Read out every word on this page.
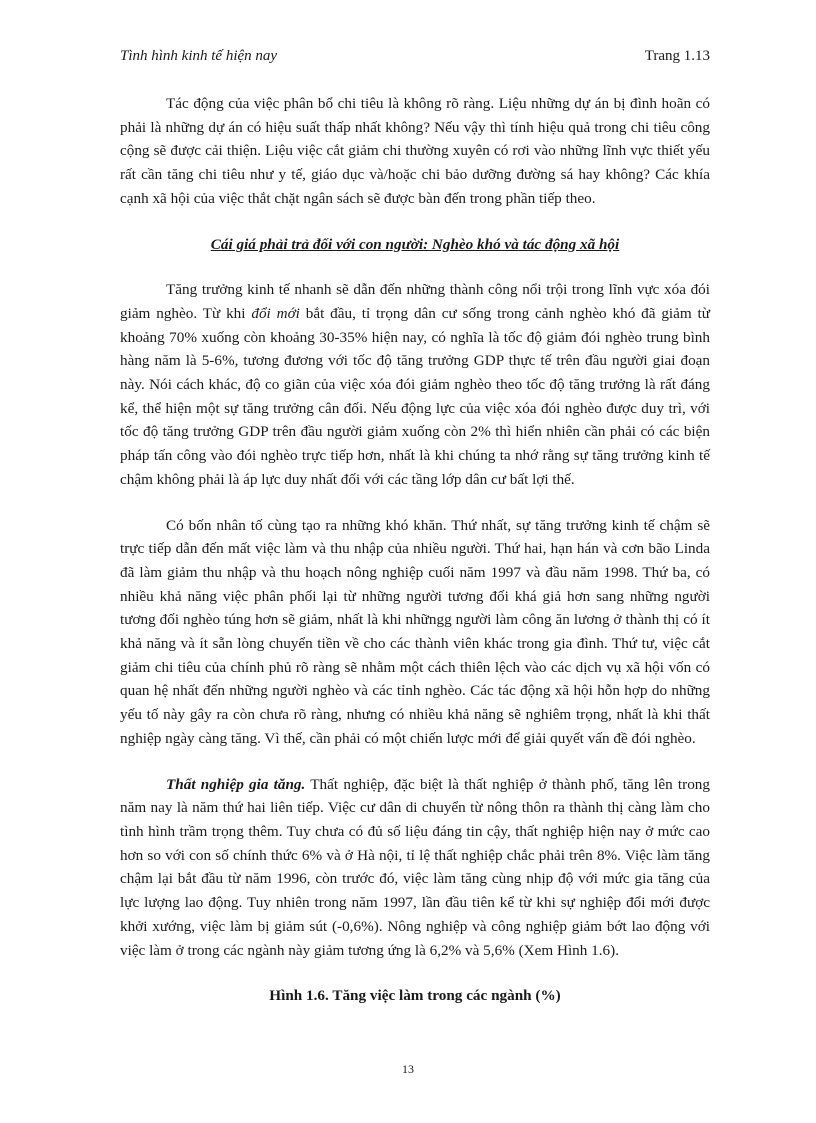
Tình hình kinh tế hiện nay	Trang 1.13

Tác động của việc phân bổ chi tiêu là không rõ ràng. Liệu những dự án bị đình hoãn có phải là những dự án có hiệu suất thấp nhất không? Nếu vậy thì tính hiệu quả trong chi tiêu công cộng sẽ được cải thiện. Liệu việc cắt giảm chi thường xuyên có rơi vào những lĩnh vực thiết yếu rất cần tăng chi tiêu như y tế, giáo dục và/hoặc chi bảo dưỡng đường sá hay không? Các khía cạnh xã hội của việc thắt chặt ngân sách sẽ được bàn đến trong phần tiếp theo.

Cái giá phải trả đối với con người: Nghèo khó và tác động xã hội

Tăng trưởng kinh tế nhanh sẽ dẫn đến những thành công nổi trội trong lĩnh vực xóa đói giảm nghèo. Từ khi đổi mới bắt đầu, tỉ trọng dân cư sống trong cảnh nghèo khó đã giảm từ khoảng 70% xuống còn khoảng 30-35% hiện nay, có nghĩa là tốc độ giảm đói nghèo trung bình hàng năm là 5-6%, tương đương với tốc độ tăng trưởng GDP thực tế trên đầu người giai đoạn này. Nói cách khác, độ co giãn của việc xóa đói giảm nghèo theo tốc độ tăng trưởng là rất đáng kể, thể hiện một sự tăng trưởng cân đối. Nếu động lực của việc xóa đói nghèo được duy trì, với tốc độ tăng trưởng GDP trên đầu người giảm xuống còn 2% thì hiển nhiên cần phải có các biện pháp tấn công vào đói nghèo trực tiếp hơn, nhất là khi chúng ta nhớ rằng sự tăng trưởng kinh tế chậm không phải là áp lực duy nhất đối với các tầng lớp dân cư bất lợi thế.

Có bốn nhân tố cùng tạo ra những khó khăn. Thứ nhất, sự tăng trưởng kinh tế chậm sẽ trực tiếp dẫn đến mất việc làm và thu nhập của nhiều người. Thứ hai, hạn hán và cơn bão Linda đã làm giảm thu nhập và thu hoạch nông nghiệp cuối năm 1997 và đầu năm 1998. Thứ ba, có nhiều khả năng việc phân phối lại từ những người tương đối khá giả hơn sang những người tương đối nghèo túng hơn sẽ giảm, nhất là khi nhữngg người làm công ăn lương ở thành thị có ít khả năng và ít sẵn lòng chuyển tiền về cho các thành viên khác trong gia đình. Thứ tư, việc cắt giảm chi tiêu của chính phủ rõ ràng sẽ nhằm một cách thiên lệch vào các dịch vụ xã hội vốn có quan hệ nhất đến những người nghèo và các tỉnh nghèo. Các tác động xã hội hỗn hợp do những yếu tố này gây ra còn chưa rõ ràng, nhưng có nhiều khả năng sẽ nghiêm trọng, nhất là khi thất nghiệp ngày càng tăng. Vì thế, cần phải có một chiến lược mới để giải quyết vấn đề đói nghèo.

Thất nghiệp gia tăng. Thất nghiệp, đặc biệt là thất nghiệp ở thành phố, tăng lên trong năm nay là năm thứ hai liên tiếp. Việc cư dân di chuyển từ nông thôn ra thành thị càng làm cho tình hình trầm trọng thêm. Tuy chưa có đủ số liệu đáng tin cậy, thất nghiệp hiện nay ở mức cao hơn so với con số chính thức 6% và ở Hà nội, tỉ lệ thất nghiệp chắc phải trên 8%. Việc làm tăng chậm lại bắt đầu từ năm 1996, còn trước đó, việc làm tăng cùng nhịp độ với mức gia tăng của lực lượng lao động. Tuy nhiên trong năm 1997, lần đầu tiên kể từ khi sự nghiệp đổi mới được khởi xướng, việc làm bị giảm sút (-0,6%). Nông nghiệp và công nghiệp giảm bớt lao động với việc làm ở trong các ngành này giảm tương ứng là 6,2% và 5,6% (Xem Hình 1.6).

Hình 1.6. Tăng việc làm trong các ngành (%)
13
